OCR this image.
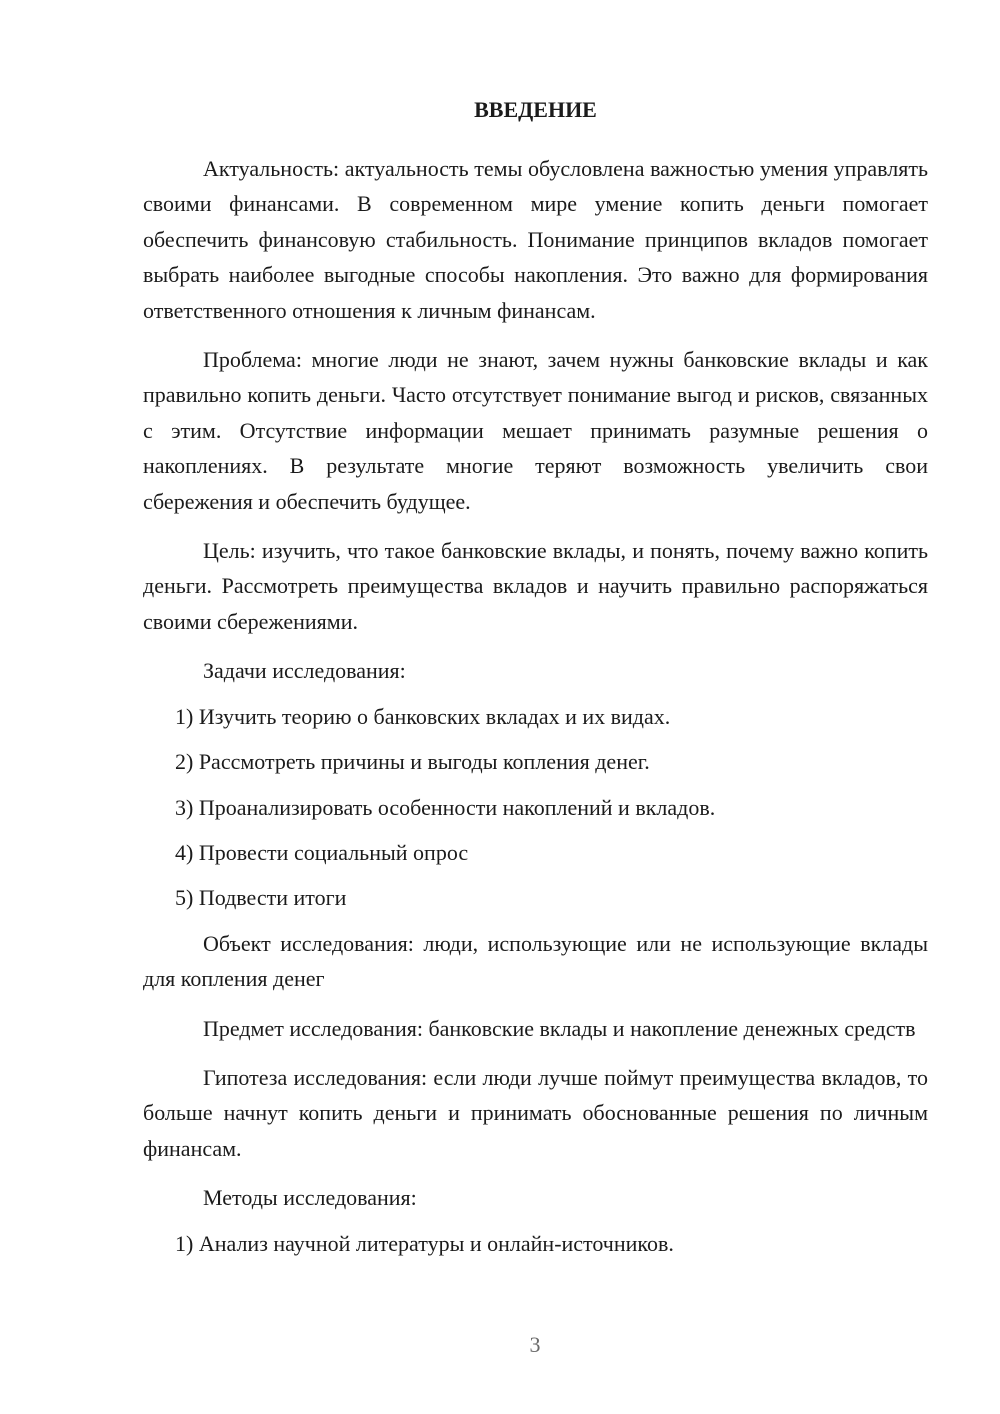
ВВЕДЕНИЕ

Актуальность: актуальность темы обусловлена важностью умения управлять своими финансами. В современном мире умение копить деньги помогает обеспечить финансовую стабильность. Понимание принципов вкладов помогает выбрать наиболее выгодные способы накопления. Это важно для формирования ответственного отношения к личным финансам.

Проблема: многие люди не знают, зачем нужны банковские вклады и как правильно копить деньги. Часто отсутствует понимание выгод и рисков, связанных с этим. Отсутствие информации мешает принимать разумные решения о накоплениях. В результате многие теряют возможность увеличить свои сбережения и обеспечить будущее.

Цель: изучить, что такое банковские вклады, и понять, почему важно копить деньги. Рассмотреть преимущества вкладов и научить правильно распоряжаться своими сбережениями.

Задачи исследования:

1) Изучить теорию о банковских вкладах и их видах.
2) Рассмотреть причины и выгоды копления денег.
3) Проанализировать особенности накоплений и вкладов.
4) Провести социальный опрос
5) Подвести итоги

Объект исследования: люди, использующие или не использующие вклады для копления денег

Предмет исследования: банковские вклады и накопление денежных средств

Гипотеза исследования: если люди лучше поймут преимущества вкладов, то больше начнут копить деньги и принимать обоснованные решения по личным финансам.

Методы исследования:

1) Анализ научной литературы и онлайн-источников.
3
